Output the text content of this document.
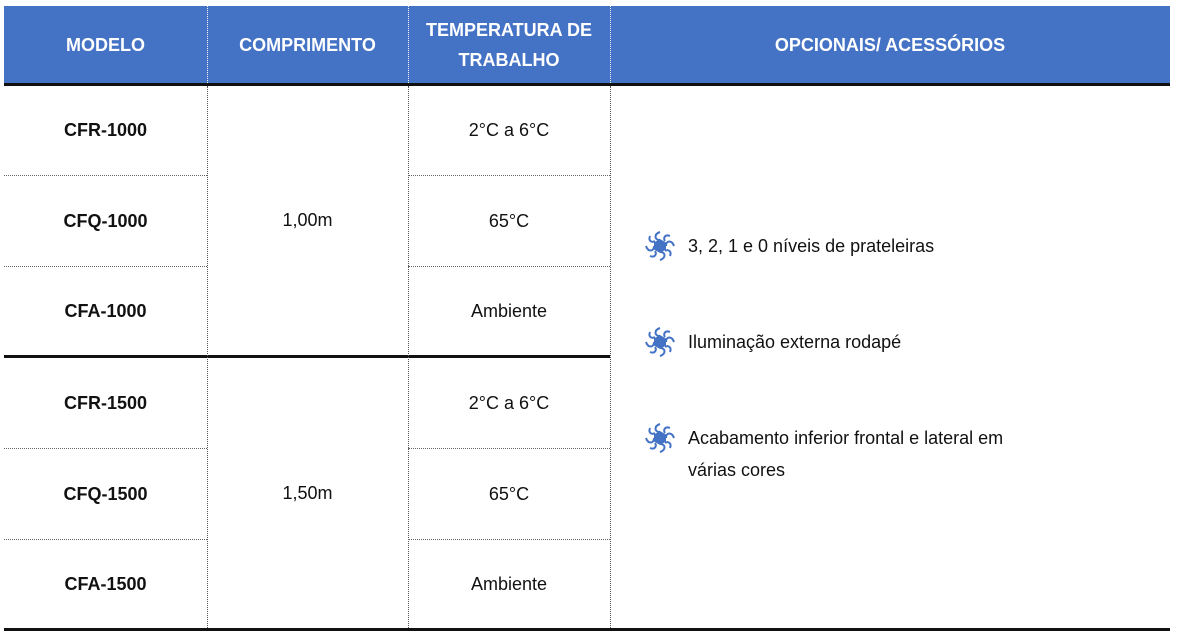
MODELO	COMPRIMENTO
TEMPERATURA DE
TRABALHO
OPCIONAIS/ ACESSÓRIOS
CFR-1000
CFQ-1000
CFA-1000
1,00m
2°C a 6°C
65°C
Ambiente
CFR-1500
CFQ-1500
CFA-1500
1,50m
2°C a 6°C
65°C
Ambiente
3, 2, 1 e 0 níveis de prateleiras
Iluminação externa rodapé
Acabamento inferior frontal e lateral em
várias cores
